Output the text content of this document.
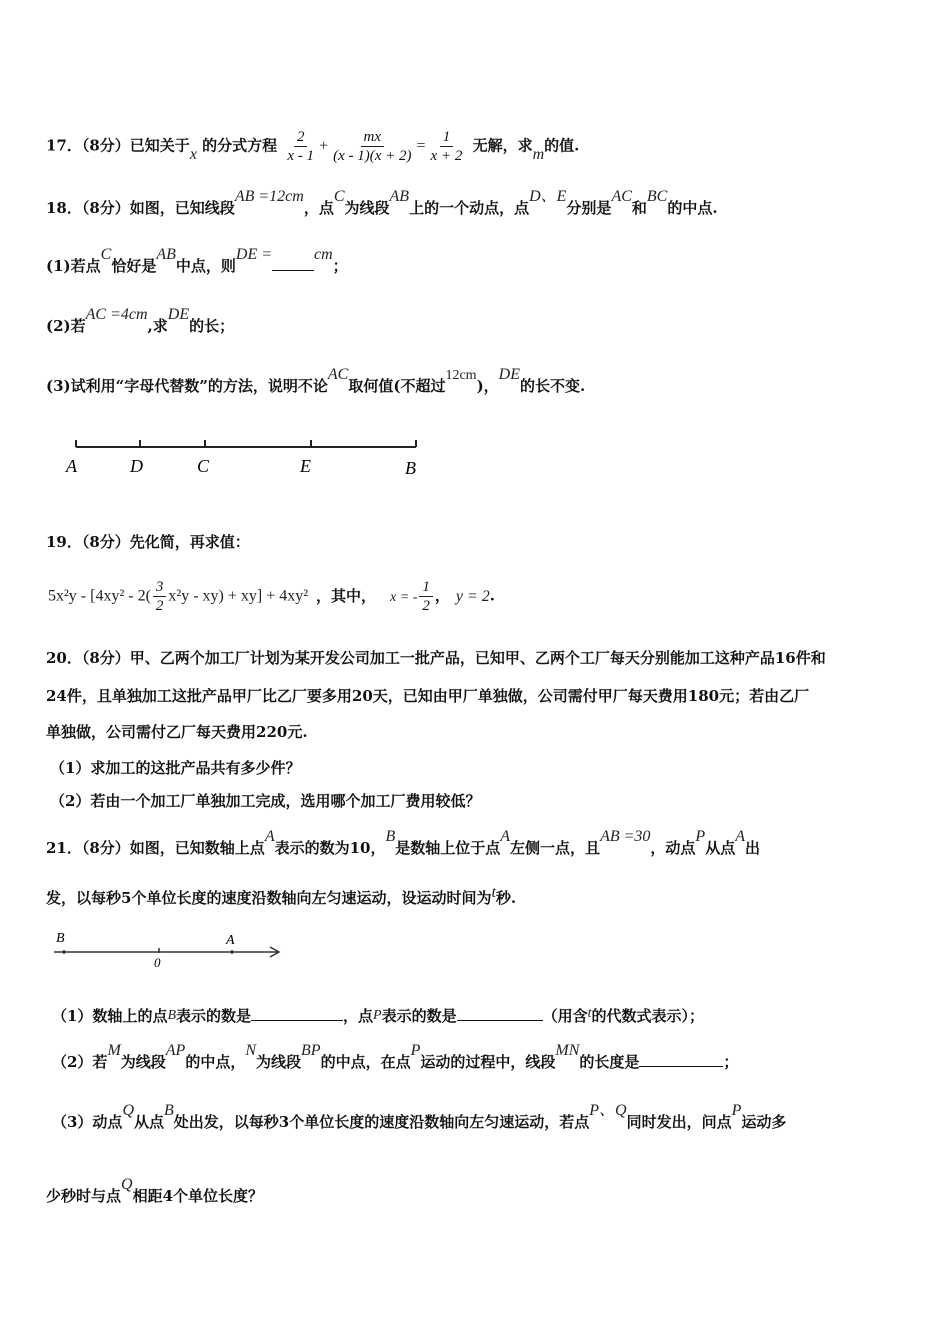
17．（8分）已知关于x 的分式方程 $\frac{2}{x - 1} + \frac{mx}{(x - 1)(x + 2)} = \frac{1}{x + 2}$ 无解，求m的值.
18．（8分）如图，已知线段AB =12cm，点C为线段AB上的一个动点，点D、E分别是AC和BC的中点.
(1)若点C恰好是AB中点，则DE =	cm；
(2)若AC =4cm,求DE的长；
(3)试利用“字母代替数”的方法，说明不论AC取何值(不超过12cm)，DE的长不变.
A	D	C	E	B
19．（8分）先化简，再求值：
$5x^2y - [4xy^2 - 2( \frac{3}{2} x^2y - xy) + xy] + 4xy^2$ ，其中， x = - $\frac{1}{2}$ ， y = 2.
20．（8分）甲、乙两个加工厂计划为某开发公司加工一批产品，已知甲、乙两个工厂每天分别能加工这种产品16件和
24件，且单独加工这批产品甲厂比乙厂要多用20天，已知由甲厂单独做，公司需付甲厂每天费用180元；若由乙厂
单独做，公司需付乙厂每天费用220元.
（1）求加工的这批产品共有多少件？
（2）若由一个加工厂单独加工完成，选用哪个加工厂费用较低？
21．（8分）如图，已知数轴上点A表示的数为10，B是数轴上位于点A左侧一点，且AB =30，动点P从点A出
发，以每秒5个单位长度的速度沿数轴向左匀速运动，设运动时间为t秒.
B
0
A
（1）数轴上的点B表示的数是	，点P表示的数是	（用含t的代数式表示）；
（2）若M为线段AP的中点，N为线段BP的中点，在点P运动的过程中，线段MN的长度是	；
（3）动点Q从点B处出发，以每秒3个单位长度的速度沿数轴向左匀速运动，若点P、Q同时发出，问点P运动多
少秒时与点Q相距4个单位长度？
